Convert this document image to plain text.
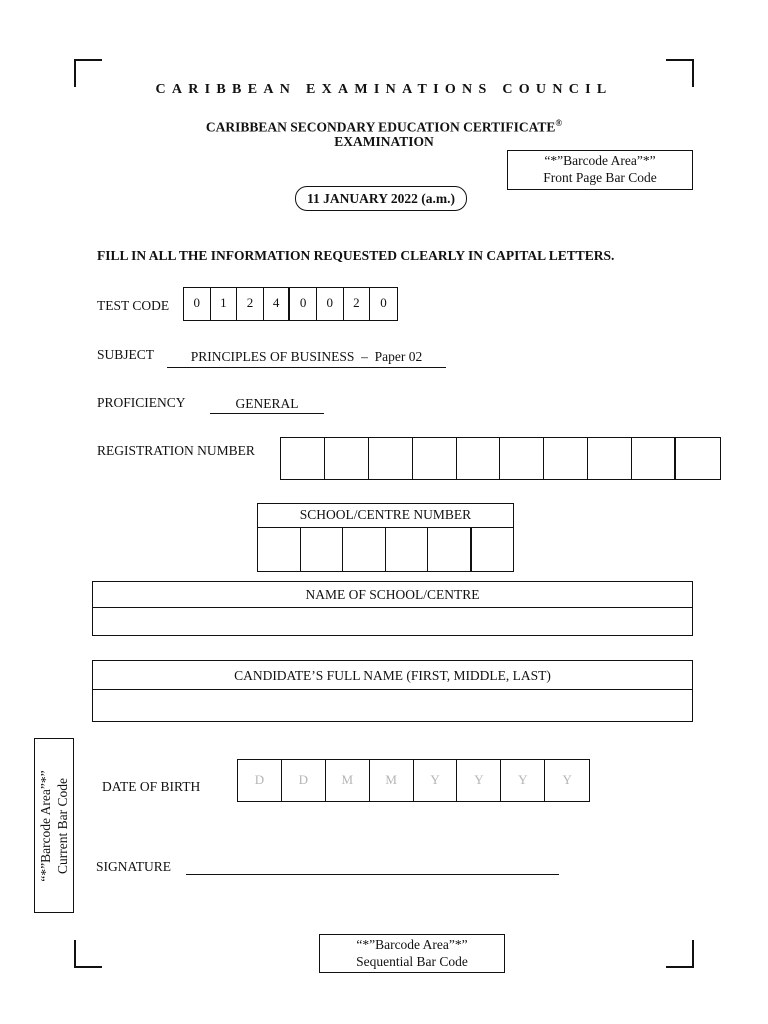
CARIBBEAN EXAMINATIONS COUNCIL
CARIBBEAN SECONDARY EDUCATION CERTIFICATE®
EXAMINATION
“*”Barcode Area”*”
Front Page Bar Code
11 JANUARY 2022 (a.m.)
FILL IN ALL THE INFORMATION REQUESTED CLEARLY IN CAPITAL LETTERS.
TEST CODE	0	1	2	4	0	0	2	0
SUBJECT	PRINCIPLES OF BUSINESS  –  Paper 02
PROFICIENCY	GENERAL
REGISTRATION NUMBER
SCHOOL/CENTRE NUMBER
NAME OF SCHOOL/CENTRE
CANDIDATE’S FULL NAME (FIRST, MIDDLE, LAST)
“*”Barcode Area”*” Current Bar Code DATE OF BIRTH	D	D	M	M	Y	Y	Y	Y
SIGNATURE
“*”Barcode Area”*”
Sequential Bar Code
